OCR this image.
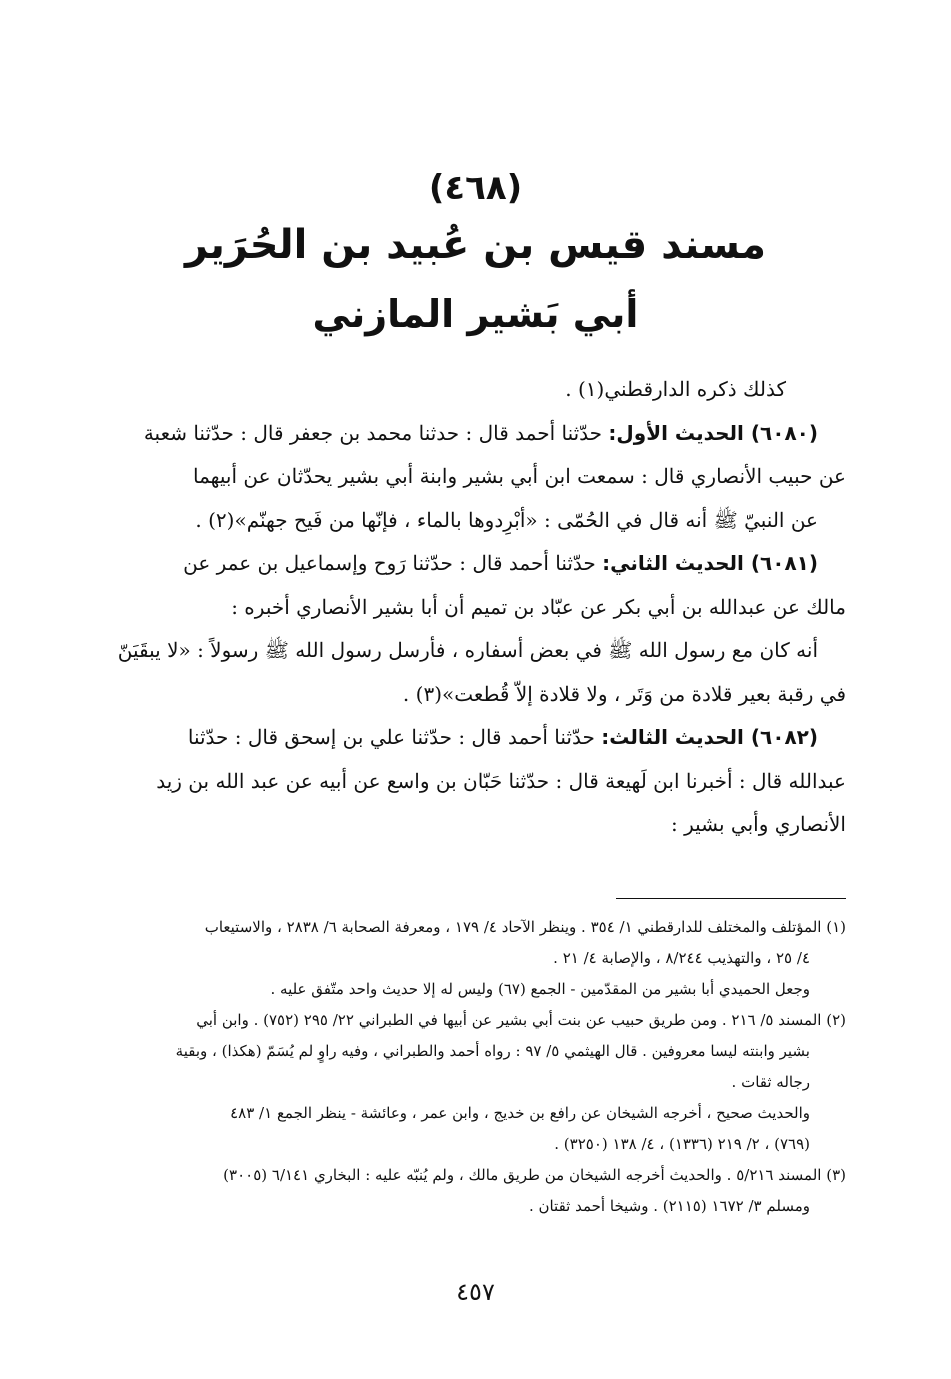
(٤٦٨)
مسند قيس بن عُبيد بن الحُرَير
أبي بَشير المازني

كذلك ذكره الدارقطني(١) .

(٦٠٨٠) الحديث الأول: حدّثنا أحمد قال : حدثنا محمد بن جعفر قال : حدّثنا شعبة

عن حبيب الأنصاري قال : سمعت ابن أبي بشير وابنة أبي بشير يحدّثان عن أبيهما

عن النبيّ ﷺ أنه قال في الحُمّى : «أبْرِدوها بالماء ، فإنّها من فَيح جهنّم»(٢) .

(٦٠٨١) الحديث الثاني: حدّثنا أحمد قال : حدّثنا رَوح وإسماعيل بن عمر عن

مالك عن عبدالله بن أبي بكر عن عبّاد بن تميم أن أبا بشير الأنصاري أخبره :

أنه كان مع رسول الله ﷺ في بعض أسفاره ، فأرسل رسول الله ﷺ رسولاً : «لا يبقَيَنّ

في رقبة بعير قلادة من وَتَر ، ولا قلادة إلاّ قُطعت»(٣) .

(٦٠٨٢) الحديث الثالث: حدّثنا أحمد قال : حدّثنا علي بن إسحق قال : حدّثنا

عبدالله قال : أخبرنا ابن لَهيعة قال : حدّثنا حَبّان بن واسع عن أبيه عن عبد الله بن زيد

الأنصاري وأبي بشير :

(١) المؤتلف والمختلف للدارقطني ١/ ٣٥٤ . وينظر الآحاد ٤/ ١٧٩ ، ومعرفة الصحابة ٦/ ٢٨٣٨ ، والاستيعاب

٤/ ٢٥ ، والتهذيب ٨/٢٤٤ ، والإصابة ٤/ ٢١ .

وجعل الحميدي أبا بشير من المقدّمين - الجمع (٦٧) وليس له إلا حديث واحد متّفق عليه .

(٢) المسند ٥/ ٢١٦ . ومن طريق حبيب عن بنت أبي بشير عن أبيها في الطبراني ٢٢/ ٢٩٥ (٧٥٢) . وابن أبي

بشير وابنته ليسا معروفين . قال الهيثمي ٥/ ٩٧ : رواه أحمد والطبراني ، وفيه راوٍ لم يُسَمّ (هكذا) ، وبقية

رجاله ثقات .

والحديث صحيح ، أخرجه الشيخان عن رافع بن خديج ، وابن عمر ، وعائشة - ينظر الجمع ١/ ٤٨٣

(٧٦٩) ، ٢/ ٢١٩ (١٣٣٦) ، ٤/ ١٣٨ (٣٢٥٠) .

(٣) المسند ٥/٢١٦ . والحديث أخرجه الشيخان من طريق مالك ، ولم يُنبّه عليه : البخاري ٦/١٤١ (٣٠٠٥)

ومسلم ٣/ ١٦٧٢ (٢١١٥) . وشيخا أحمد ثقتان .

٤٥٧
